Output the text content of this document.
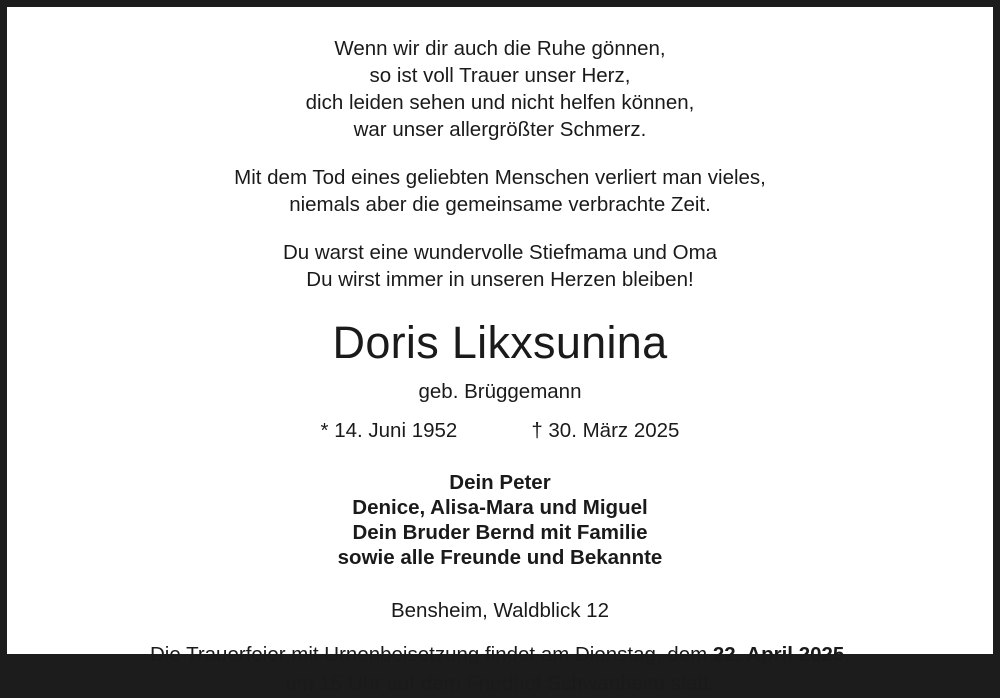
Wenn wir dir auch die Ruhe gönnen,
so ist voll Trauer unser Herz,
dich leiden sehen und nicht helfen können,
war unser allergrößter Schmerz.
Mit dem Tod eines geliebten Menschen verliert man vieles,
niemals aber die gemeinsame verbrachte Zeit.
Du warst eine wundervolle Stiefmama und Oma
Du wirst immer in unseren Herzen bleiben!
Doris Likxsunina
geb. Brüggemann
* 14. Juni 1952	† 30. März 2025
Dein Peter
Denice, Alisa-Mara und Miguel
Dein Bruder Bernd mit Familie
sowie alle Freunde und Bekannte
Bensheim, Waldblick 12
Die Trauerfeier mit Urnenbeisetzung findet am Dienstag, dem 22. April 2025,
um 15 Uhr auf dem Friedhof Schwanheim statt.
